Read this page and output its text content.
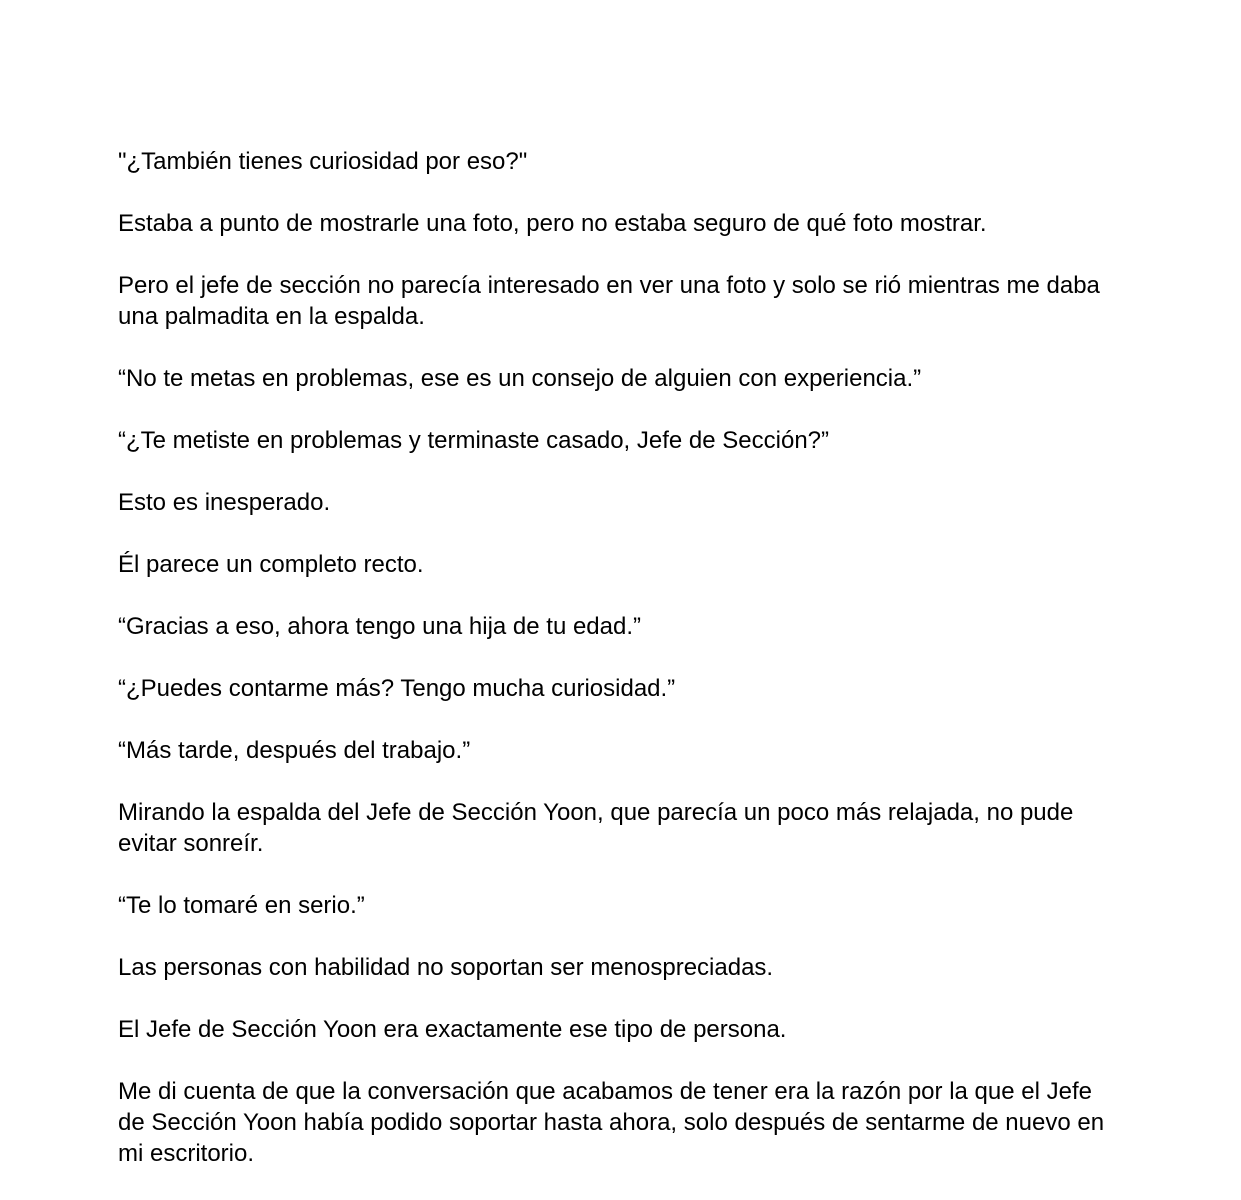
"¿También tienes curiosidad por eso?"

Estaba a punto de mostrarle una foto, pero no estaba seguro de qué foto mostrar.

Pero el jefe de sección no parecía interesado en ver una foto y solo se rió mientras me daba una palmadita en la espalda.

“No te metas en problemas, ese es un consejo de alguien con experiencia.”

“¿Te metiste en problemas y terminaste casado, Jefe de Sección?”

Esto es inesperado.

Él parece un completo recto.

“Gracias a eso, ahora tengo una hija de tu edad.”

“¿Puedes contarme más? Tengo mucha curiosidad.”

“Más tarde, después del trabajo.”

Mirando la espalda del Jefe de Sección Yoon, que parecía un poco más relajada, no pude evitar sonreír.

“Te lo tomaré en serio.”

Las personas con habilidad no soportan ser menospreciadas.

El Jefe de Sección Yoon era exactamente ese tipo de persona.

Me di cuenta de que la conversación que acabamos de tener era la razón por la que el Jefe de Sección Yoon había podido soportar hasta ahora, solo después de sentarme de nuevo en mi escritorio.
